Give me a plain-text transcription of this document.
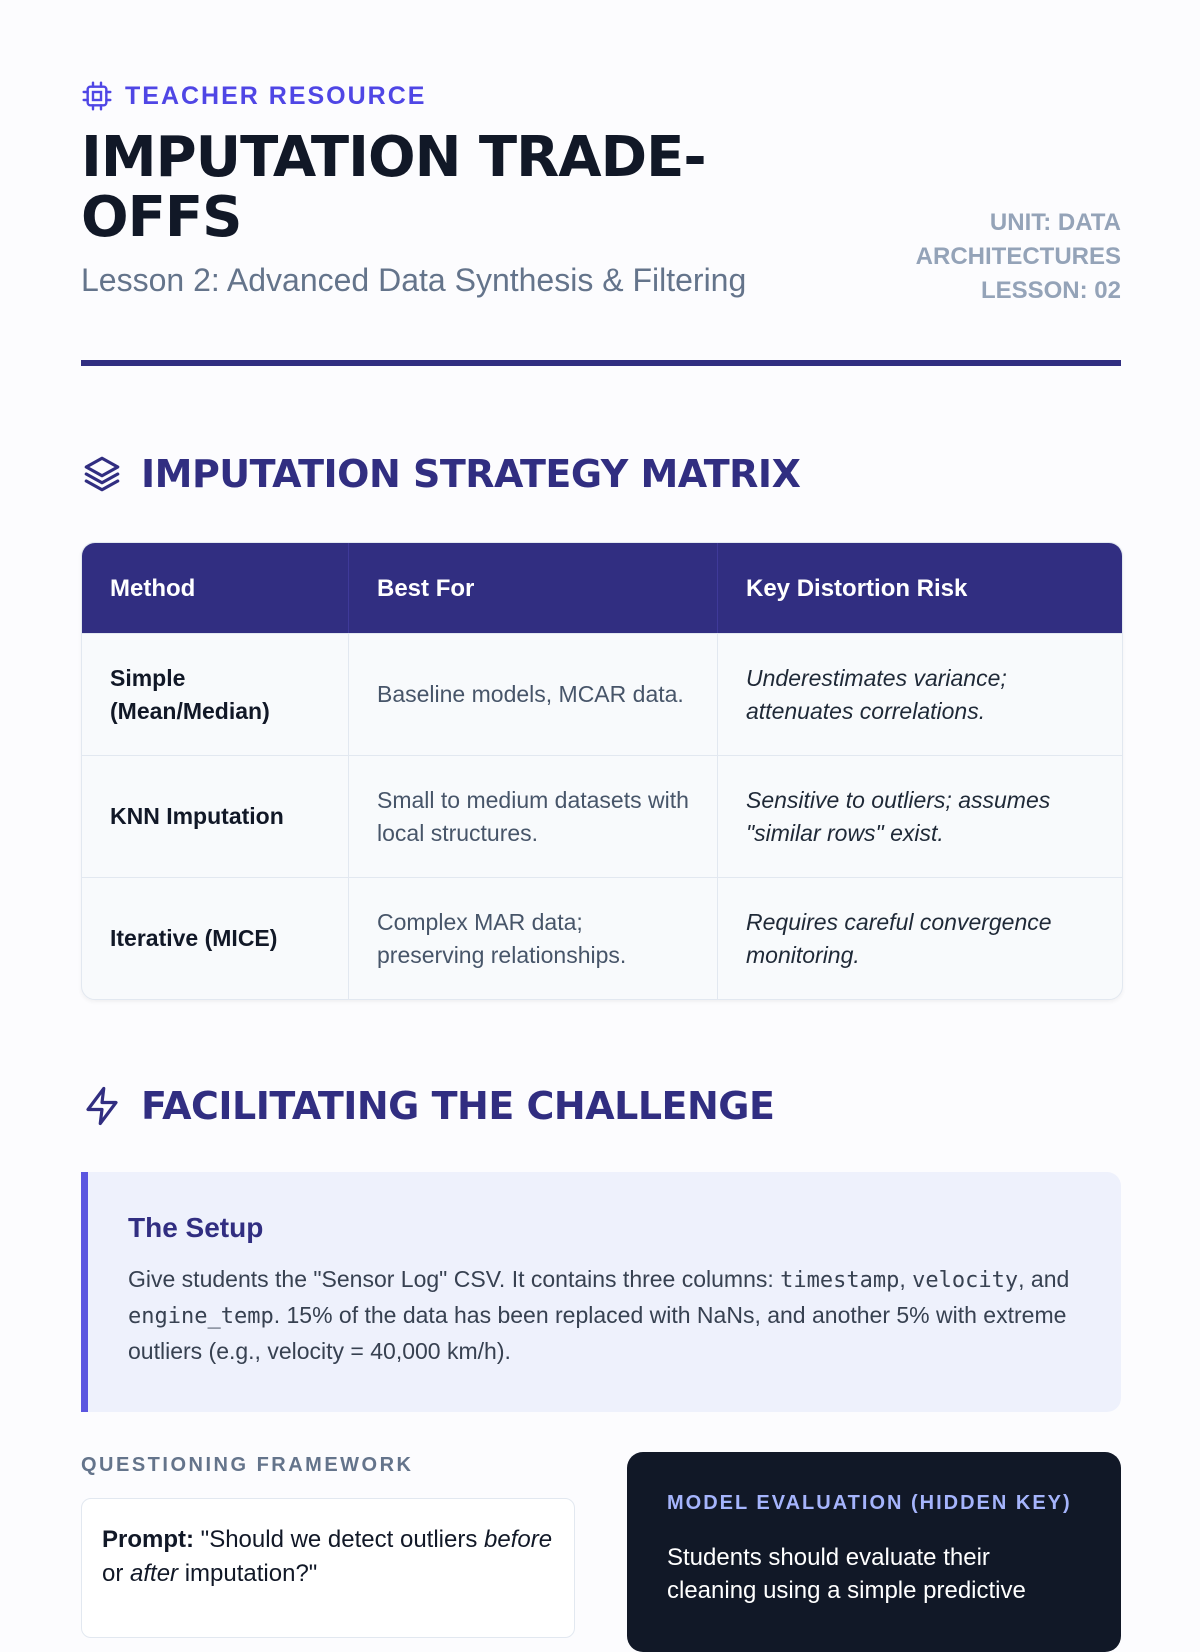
TEACHER RESOURCE
IMPUTATION TRADE-OFFS
Lesson 2: Advanced Data Synthesis & Filtering
UNIT: DATA ARCHITECTURES LESSON: 02
IMPUTATION STRATEGY MATRIX
Method	Best For	Key Distortion Risk
Simple (Mean/Median)
Baseline models, MCAR data.
Underestimates variance; attenuates correlations.
KNN Imputation
Small to medium datasets with local structures.
Sensitive to outliers; assumes "similar rows" exist.
Iterative (MICE)
Complex MAR data; preserving relationships.
Requires careful convergence monitoring.
FACILITATING THE CHALLENGE
The Setup
Give students the "Sensor Log" CSV. It contains three columns: timestamp, velocity, and engine_temp. 15% of the data has been replaced with NaNs, and another 5% with extreme outliers (e.g., velocity = 40,000 km/h).
QUESTIONING FRAMEWORK
Prompt: "Should we detect outliers before or after imputation?"
MODEL EVALUATION (HIDDEN KEY)
Students should evaluate their cleaning using a simple predictive
